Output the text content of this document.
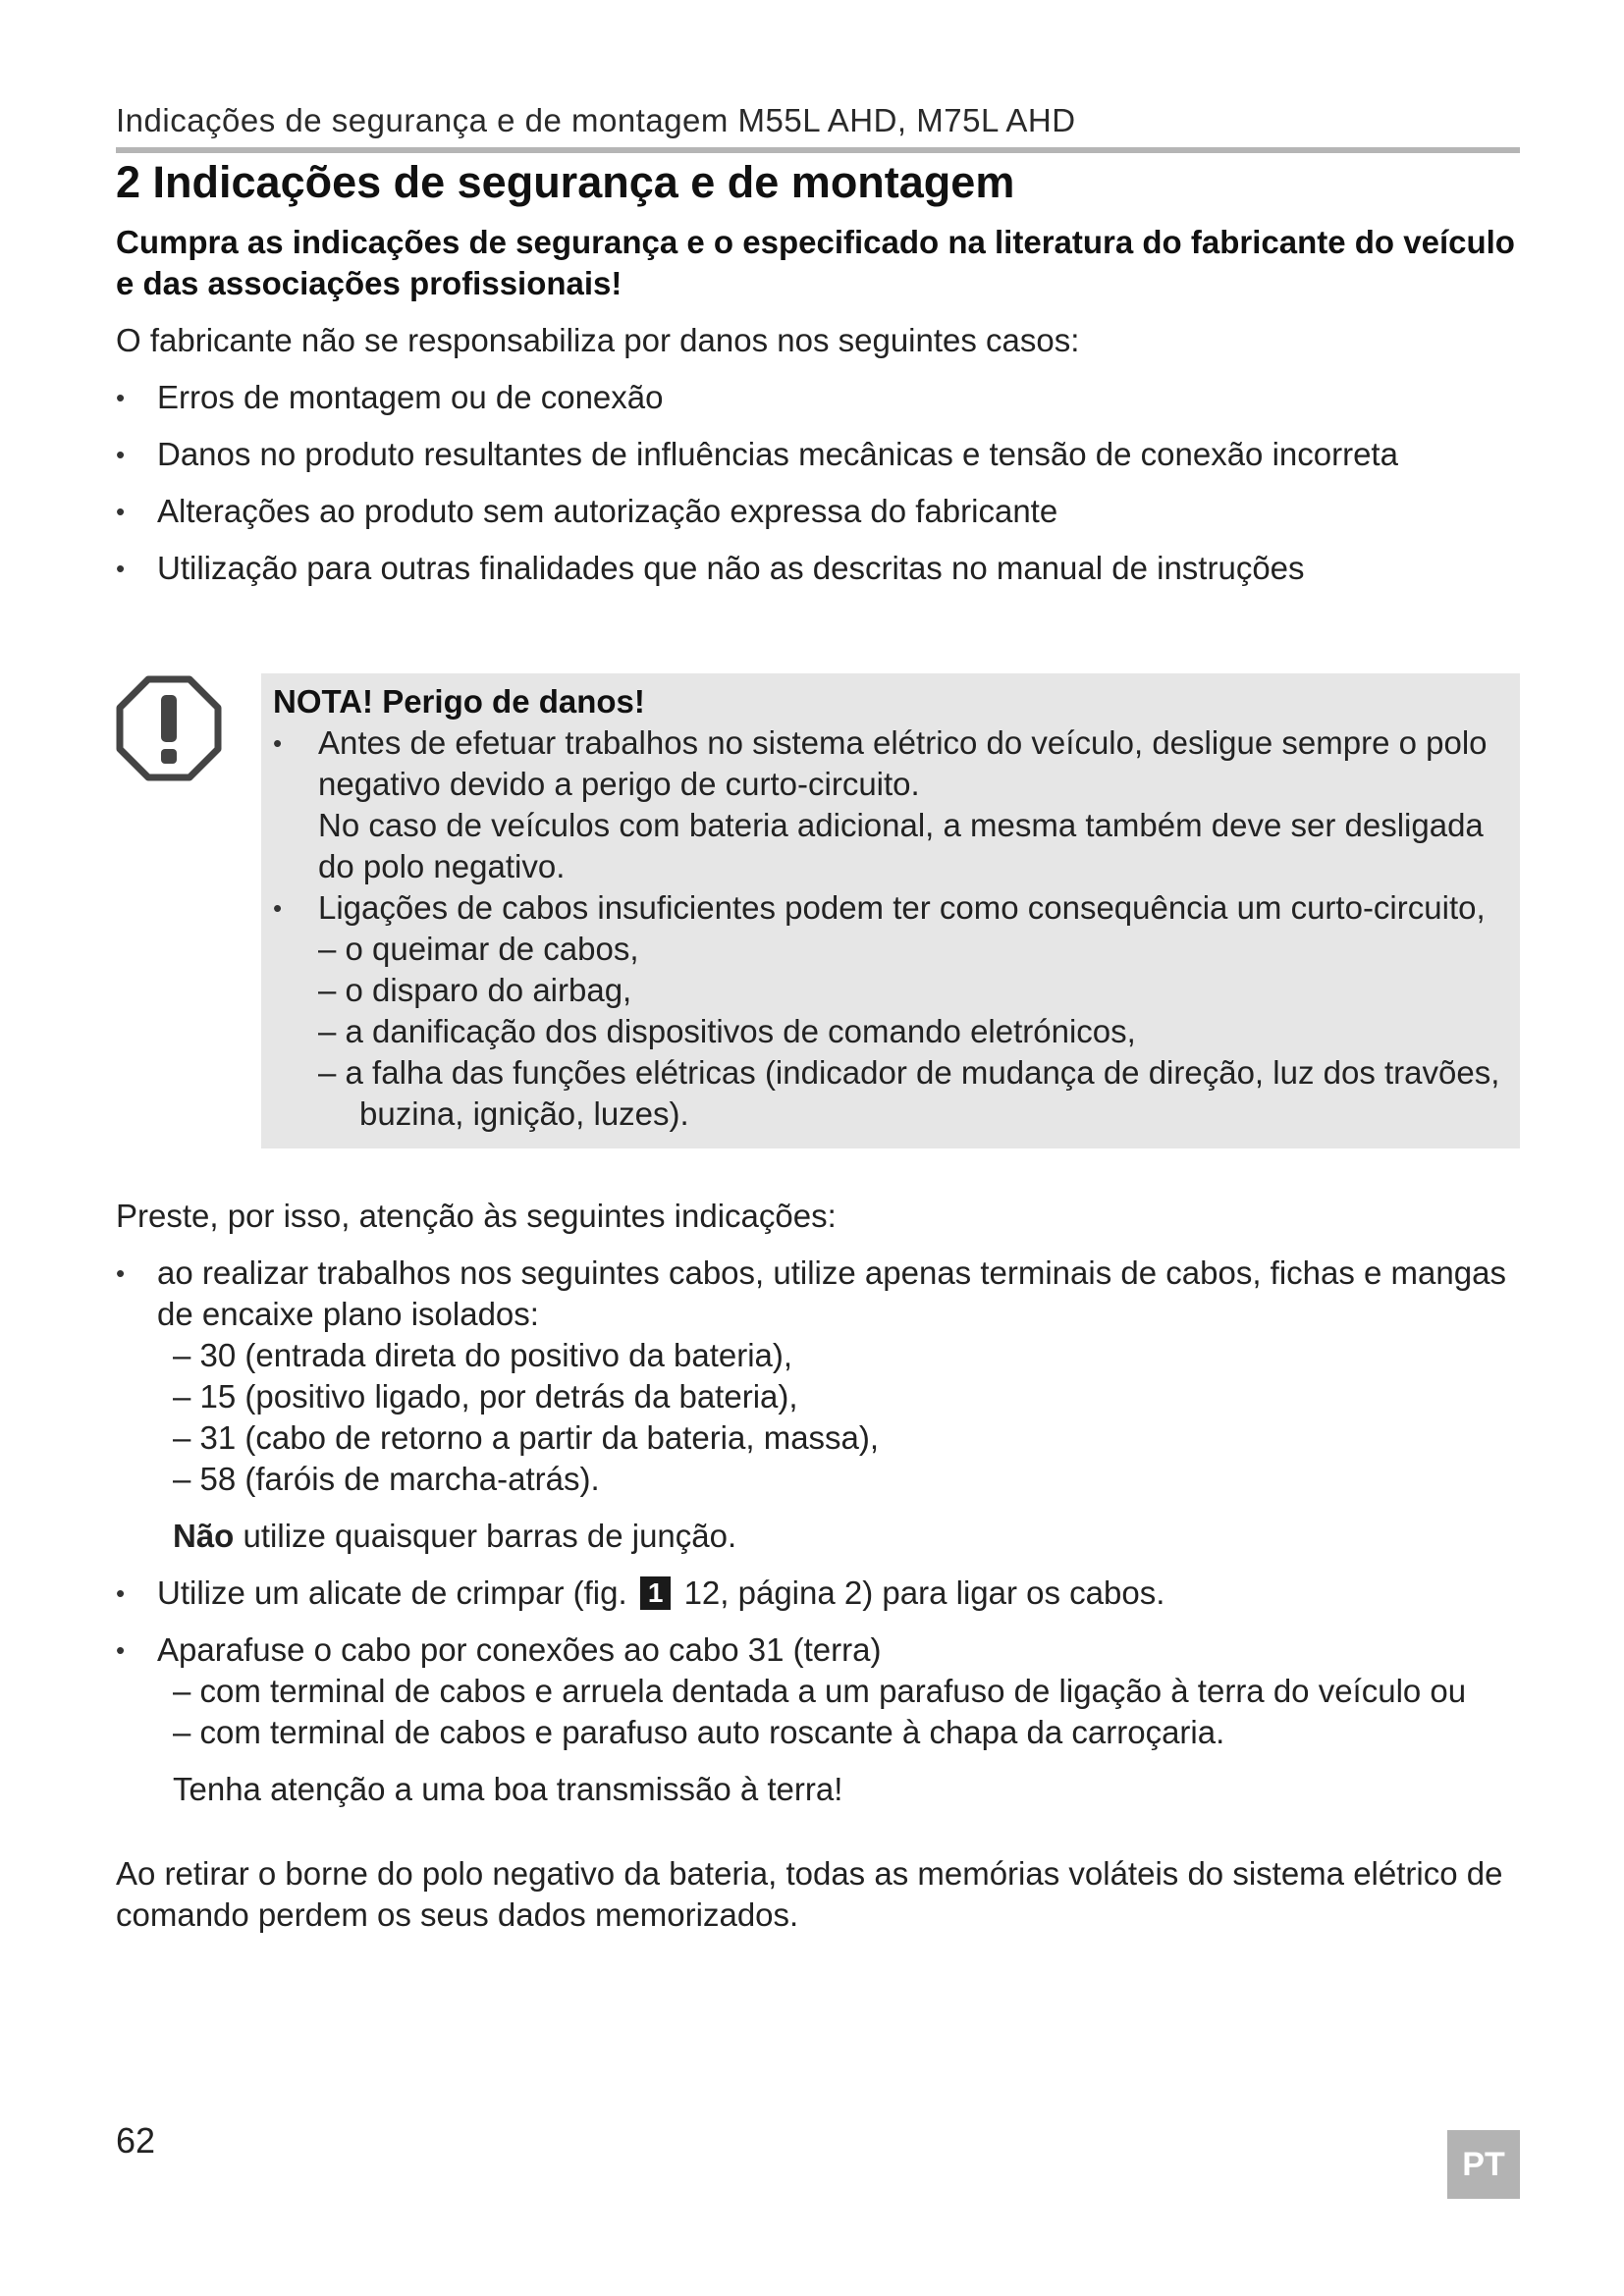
Indicações de segurança e de montagem M55L AHD, M75L AHD
2 Indicações de segurança e de montagem
Cumpra as indicações de segurança e o especificado na literatura do fabricante do veículo e das associações profissionais!
O fabricante não se responsabiliza por danos nos seguintes casos:
• Erros de montagem ou de conexão
• Danos no produto resultantes de influências mecânicas e tensão de conexão incorreta
• Alterações ao produto sem autorização expressa do fabricante
• Utilização para outras finalidades que não as descritas no manual de instruções
NOTA! Perigo de danos!
• Antes de efetuar trabalhos no sistema elétrico do veículo, desligue sempre o polo negativo devido a perigo de curto-circuito.
No caso de veículos com bateria adicional, a mesma também deve ser desligada do polo negativo.
• Ligações de cabos insuficientes podem ter como consequência um curto-circuito,
– o queimar de cabos,
– o disparo do airbag,
– a danificação dos dispositivos de comando eletrónicos,
– a falha das funções elétricas (indicador de mudança de direção, luz dos travões,
buzina, ignição, luzes).
Preste, por isso, atenção às seguintes indicações:
• ao realizar trabalhos nos seguintes cabos, utilize apenas terminais de cabos, fichas e mangas de encaixe plano isolados:
– 30 (entrada direta do positivo da bateria),
– 15 (positivo ligado, por detrás da bateria),
– 31 (cabo de retorno a partir da bateria, massa),
– 58 (faróis de marcha-atrás).
Não utilize quaisquer barras de junção.
• Utilize um alicate de crimpar (fig. 1 12, página 2) para ligar os cabos.
• Aparafuse o cabo por conexões ao cabo 31 (terra)
– com terminal de cabos e arruela dentada a um parafuso de ligação à terra do veículo ou
– com terminal de cabos e parafuso auto roscante à chapa da carroçaria.
Tenha atenção a uma boa transmissão à terra!
Ao retirar o borne do polo negativo da bateria, todas as memórias voláteis do sistema elétrico de comando perdem os seus dados memorizados.
62
PT
